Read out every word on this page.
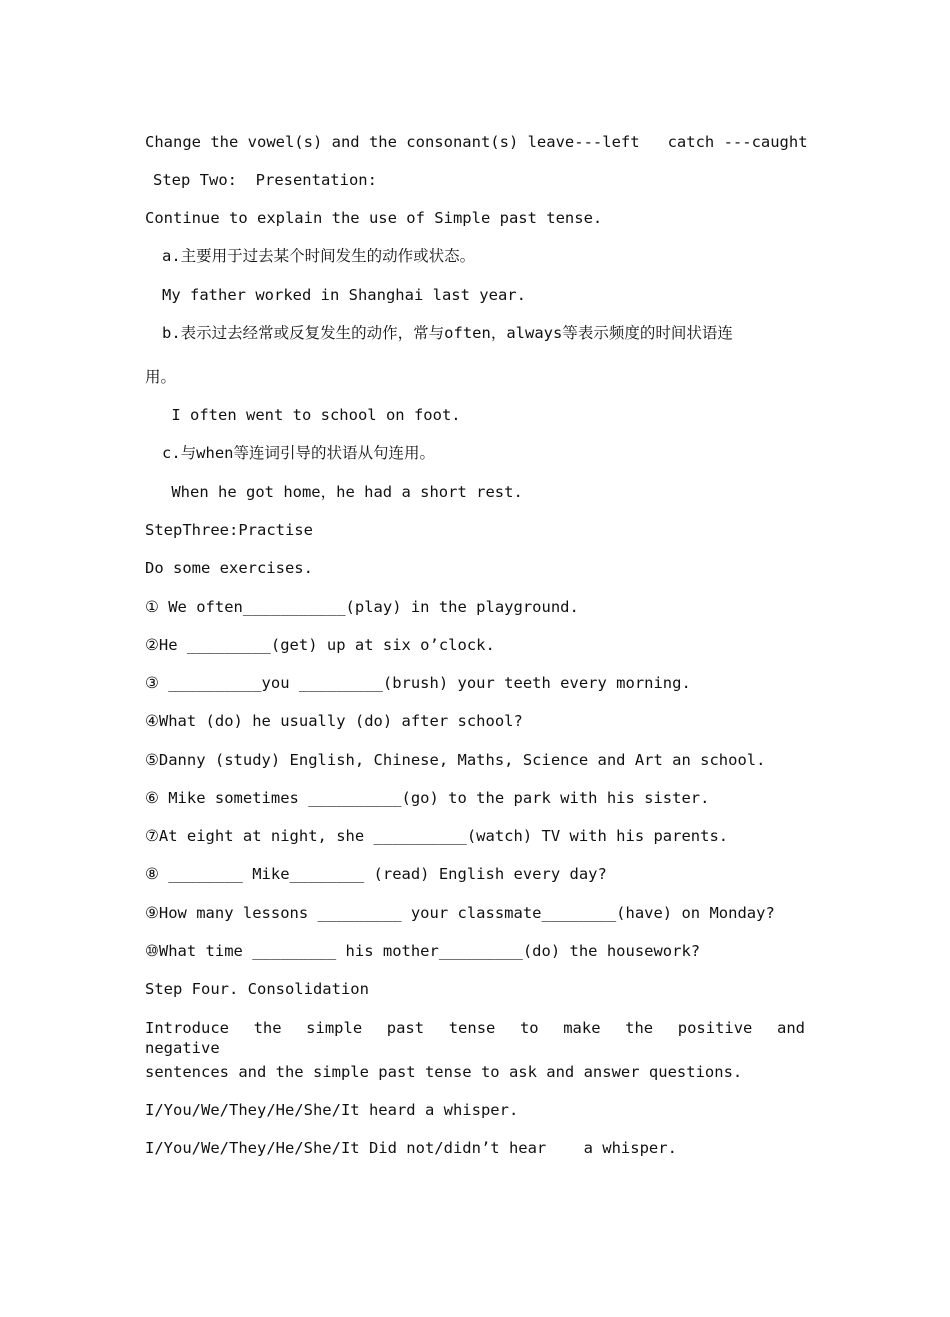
Change the vowel(s) and the consonant(s) leave---left   catch ---caught
Step Two:  Presentation:
Continue to explain the use of Simple past tense.
a.主要用于过去某个时间发生的动作或状态。
My father worked in Shanghai last year.
b.表示过去经常或反复发生的动作，常与often，always等表示频度的时间状语连
用。
I often went to school on foot.
c.与when等连词引导的状语从句连用。
When he got home，he had a short rest.
StepThree:Practise
Do some exercises.
① We often___________(play) in the playground.
②He _________(get) up at six o’clock.
③ __________you _________(brush) your teeth every morning.
④What (do) he usually (do) after school?
⑤Danny (study) English, Chinese, Maths, Science and Art an school.
⑥ Mike sometimes __________(go) to the park with his sister.
⑦At eight at night, she __________(watch) TV with his parents.
⑧ ________ Mike________ (read) English every day?
⑨How many lessons _________ your classmate________(have) on Monday?
⑩What time _________ his mother_________(do) the housework?
Step Four. Consolidation
Introduce the simple past tense to make the positive and negative
sentences and the simple past tense to ask and answer questions.
I/You/We/They/He/She/It heard a whisper.
I/You/We/They/He/She/It Did not/didn’t hear    a whisper.
